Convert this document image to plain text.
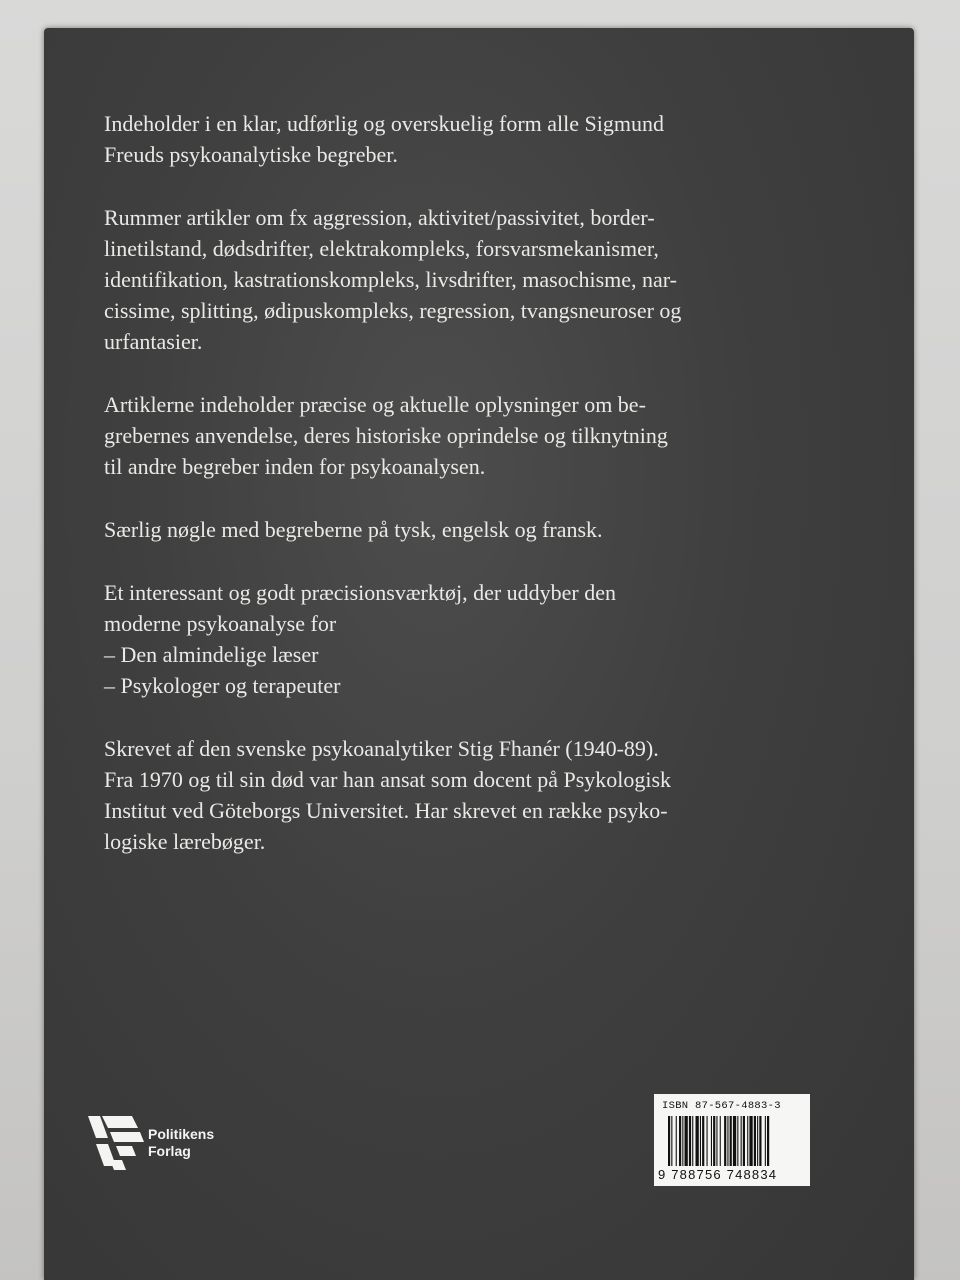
Indeholder i en klar, udførlig og overskuelig form alle Sigmund
Freuds psykoanalytiske begreber.

Rummer artikler om fx aggression, aktivitet/passivitet, border-
linetilstand, dødsdrifter, elektrakompleks, forsvarsmekanismer,
identifikation, kastrationskompleks, livsdrifter, masochisme, nar-
cissime, splitting, ødipuskompleks, regression, tvangsneuroser og
urfantasier.

Artiklerne indeholder præcise og aktuelle oplysninger om be-
grebernes anvendelse, deres historiske oprindelse og tilknytning
til andre begreber inden for psykoanalysen.

Særlig nøgle med begreberne på tysk, engelsk og fransk.

Et interessant og godt præcisionsværktøj, der uddyber den
moderne psykoanalyse for
– Den almindelige læser
– Psykologer og terapeuter

Skrevet af den svenske psykoanalytiker Stig Fhanér (1940-89).
Fra 1970 og til sin død var han ansat som docent på Psykologisk
Institut ved Göteborgs Universitet. Har skrevet en række psyko-
logiske lærebøger.

Politikens
Forlag
ISBN 87-567-4883-3
9 788756 748834
